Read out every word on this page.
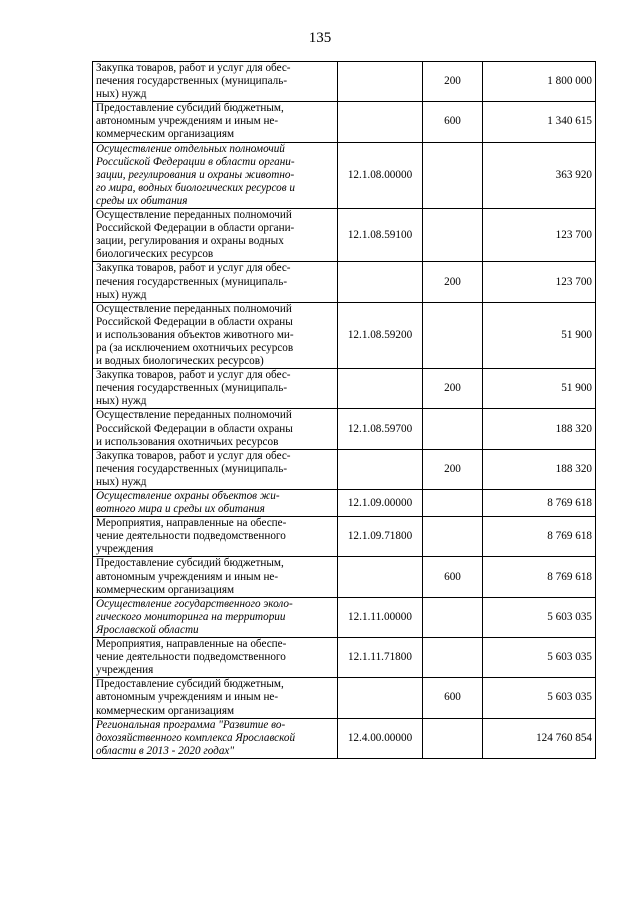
135
Закупка товаров, работ и услуг для обес-
печения государственных (муниципаль-
ных) нужд		200	1 800 000

Предоставление субсидий бюджетным,
автономным учреждениям и иным не-
коммерческим организациям		600	1 340 615

Осуществление отдельных полномочий
Российской Федерации в области органи-
зации, регулирования и охраны животно-
го мира, водных биологических ресурсов и
среды их обитания	12.1.08.00000		363 920

Осуществление переданных полномочий
Российской Федерации в области органи-
зации, регулирования и охраны водных
биологических ресурсов	12.1.08.59100		123 700

Закупка товаров, работ и услуг для обес-
печения государственных (муниципаль-
ных) нужд		200	123 700

Осуществление переданных полномочий
Российской Федерации в области охраны
и использования объектов животного ми-
ра (за исключением охотничьих ресурсов
и водных биологических ресурсов)	12.1.08.59200		51 900

Закупка товаров, работ и услуг для обес-
печения государственных (муниципаль-
ных) нужд		200	51 900

Осуществление переданных полномочий
Российской Федерации в области охраны
и использования охотничьих ресурсов	12.1.08.59700		188 320

Закупка товаров, работ и услуг для обес-
печения государственных (муниципаль-
ных) нужд		200	188 320

Осуществление охраны объектов жи-
вотного мира и среды их обитания	12.1.09.00000		8 769 618

Мероприятия, направленные на обеспе-
чение деятельности подведомственного
учреждения	12.1.09.71800		8 769 618

Предоставление субсидий бюджетным,
автономным учреждениям и иным не-
коммерческим организациям		600	8 769 618

Осуществление государственного эколо-
гического мониторинга на территории
Ярославской области	12.1.11.00000		5 603 035

Мероприятия, направленные на обеспе-
чение деятельности подведомственного
учреждения	12.1.11.71800		5 603 035

Предоставление субсидий бюджетным,
автономным учреждениям и иным не-
коммерческим организациям		600	5 603 035

Региональная программа "Развитие во-
дохозяйственного комплекса Ярославской
области в 2013 - 2020 годах"	12.4.00.00000		124 760 854
